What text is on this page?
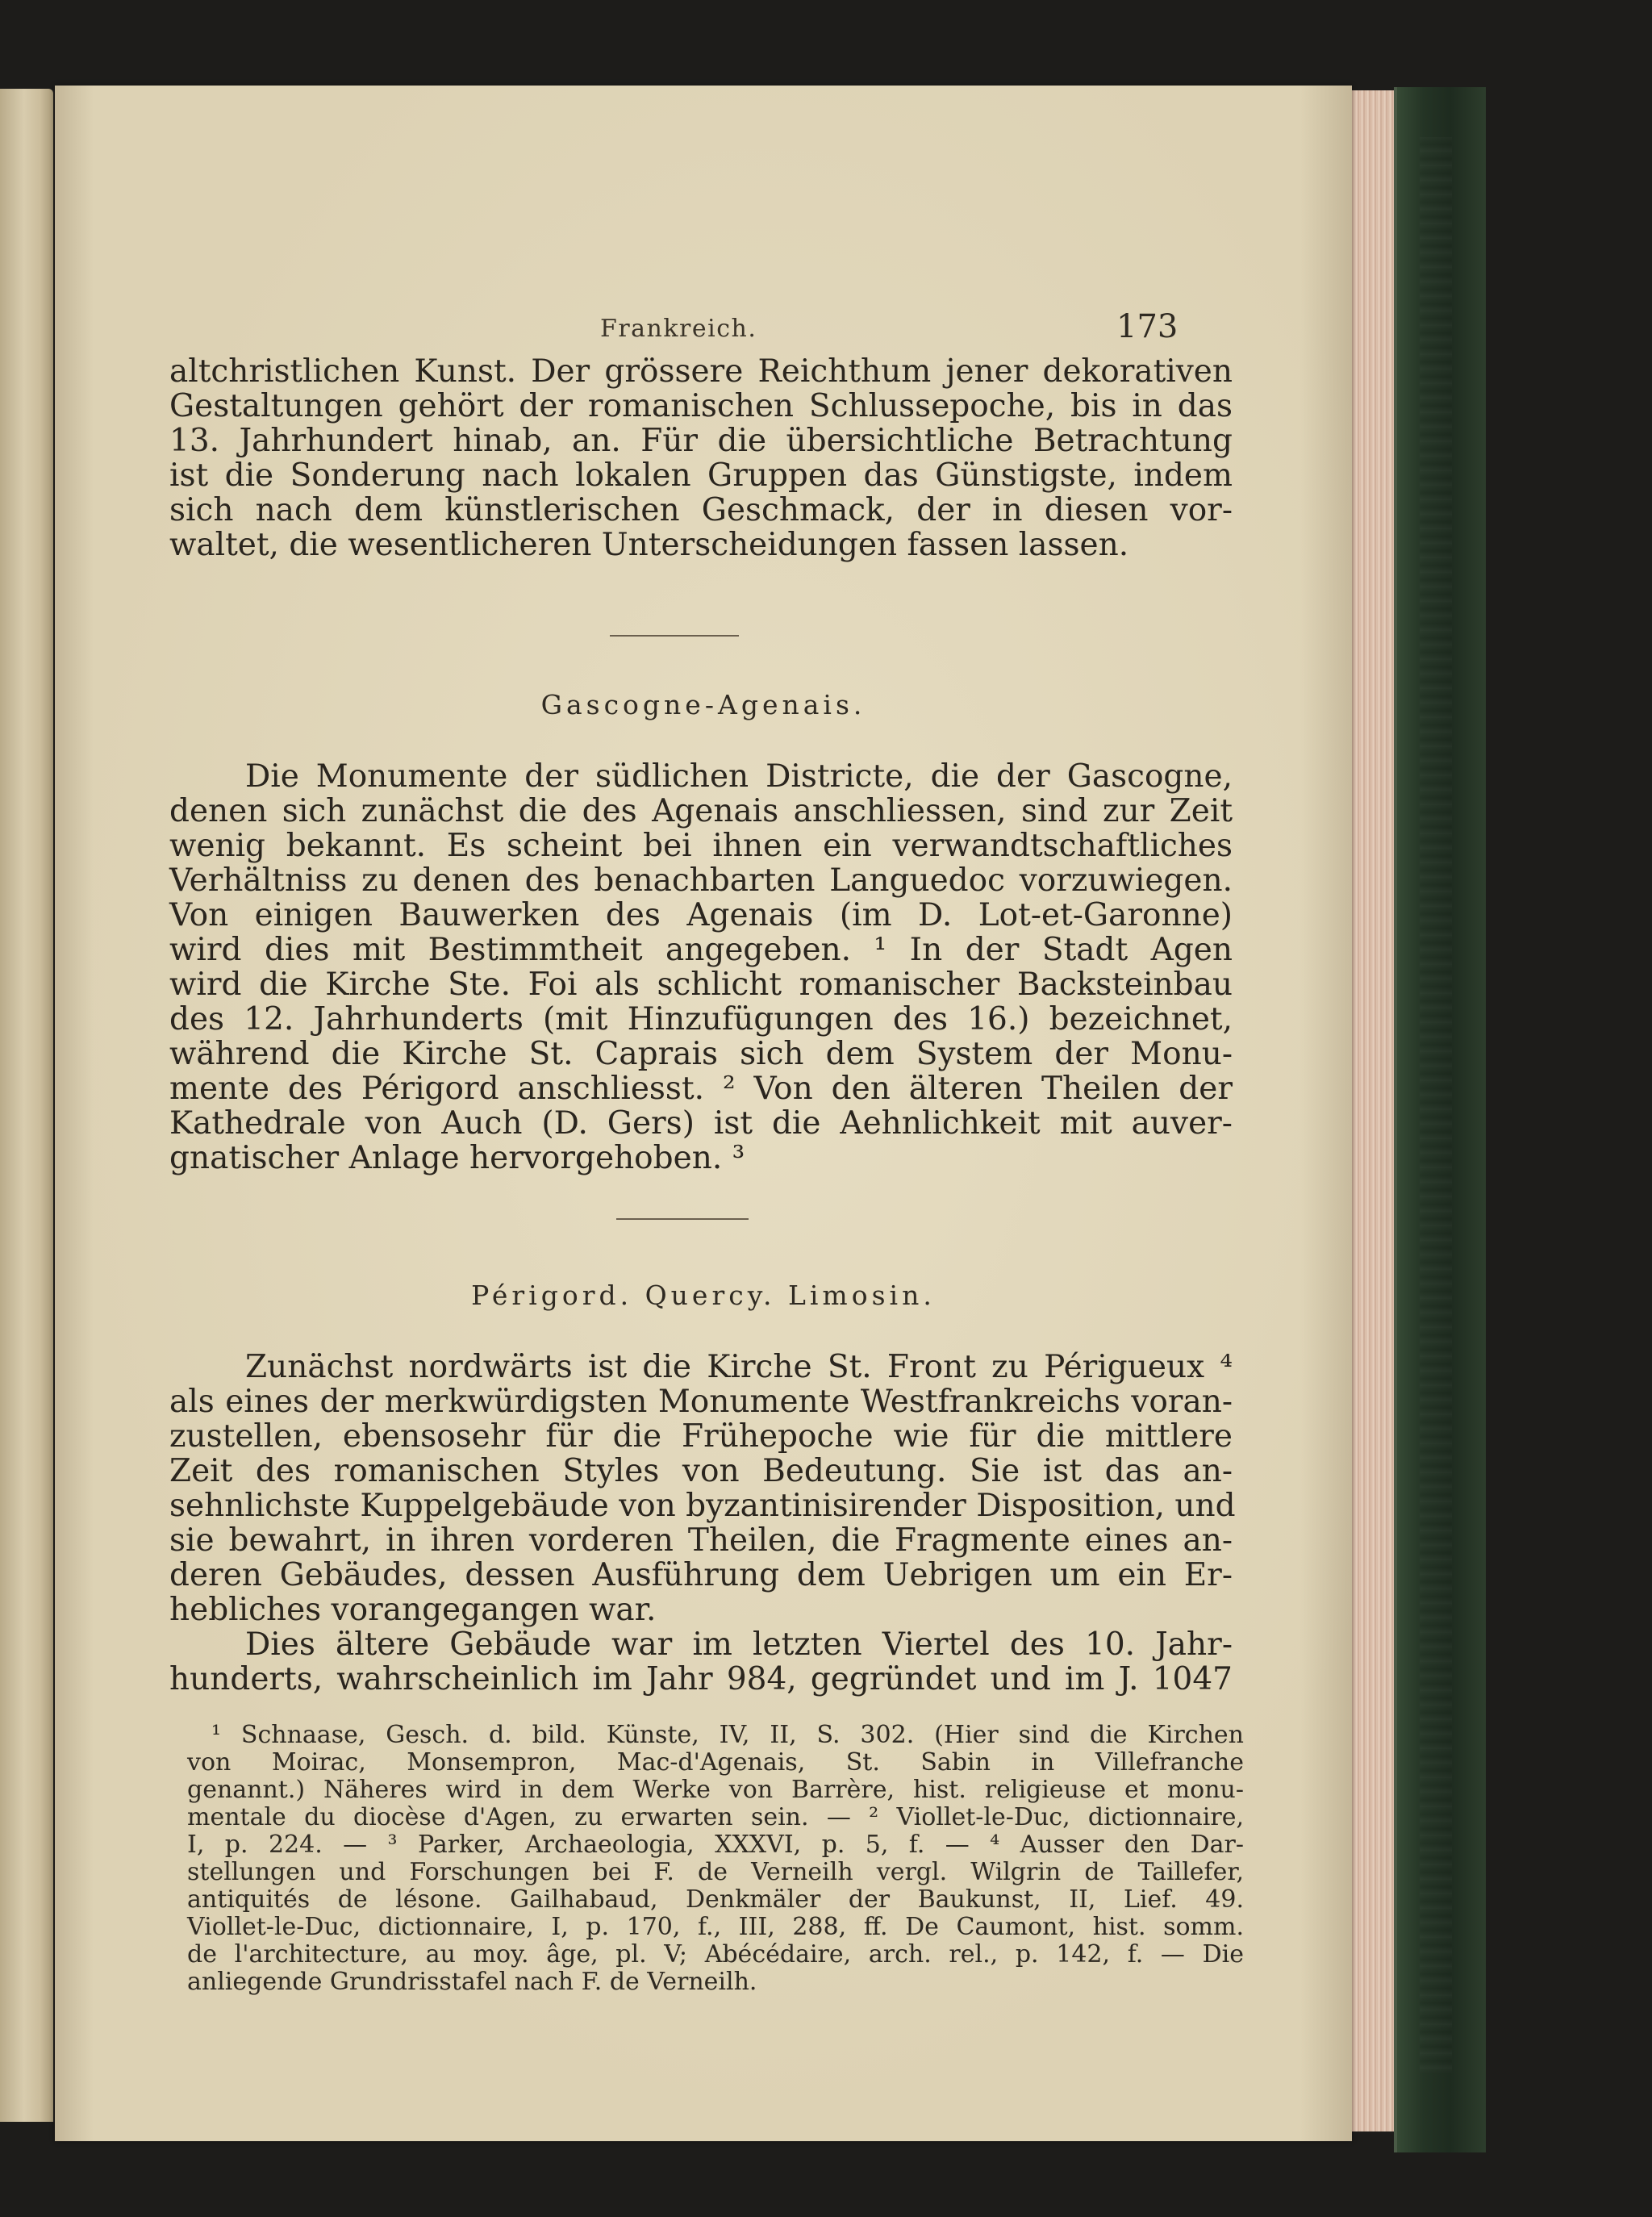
Frankreich.	173
altchristlichen Kunst. Der grössere Reichthum jener dekorativen
Gestaltungen gehört der romanischen Schlussepoche, bis in das
13. Jahrhundert hinab, an. Für die übersichtliche Betrachtung
ist die Sonderung nach lokalen Gruppen das Günstigste, indem
sich nach dem künstlerischen Geschmack, der in diesen vor-
waltet, die wesentlicheren Unterscheidungen fassen lassen.
Gascogne-Agenais.
Die Monumente der südlichen Districte, die der Gascogne,
denen sich zunächst die des Agenais anschliessen, sind zur Zeit
wenig bekannt. Es scheint bei ihnen ein verwandtschaftliches
Verhältniss zu denen des benachbarten Languedoc vorzuwiegen.
Von einigen Bauwerken des Agenais (im D. Lot-et-Garonne)
wird dies mit Bestimmtheit angegeben. ¹ In der Stadt Agen
wird die Kirche Ste. Foi als schlicht romanischer Backsteinbau
des 12. Jahrhunderts (mit Hinzufügungen des 16.) bezeichnet,
während die Kirche St. Caprais sich dem System der Monu-
mente des Périgord anschliesst. ² Von den älteren Theilen der
Kathedrale von Auch (D. Gers) ist die Aehnlichkeit mit auver-
gnatischer Anlage hervorgehoben. ³
Périgord. Quercy. Limosin.
Zunächst nordwärts ist die Kirche St. Front zu Périgueux ⁴
als eines der merkwürdigsten Monumente Westfrankreichs voran-
zustellen, ebensosehr für die Frühepoche wie für die mittlere
Zeit des romanischen Styles von Bedeutung. Sie ist das an-
sehnlichste Kuppelgebäude von byzantinisirender Disposition, und
sie bewahrt, in ihren vorderen Theilen, die Fragmente eines an-
deren Gebäudes, dessen Ausführung dem Uebrigen um ein Er-
hebliches vorangegangen war.
Dies ältere Gebäude war im letzten Viertel des 10. Jahr-
hunderts, wahrscheinlich im Jahr 984, gegründet und im J. 1047
¹ Schnaase, Gesch. d. bild. Künste, IV, II, S. 302. (Hier sind die Kirchen
von Moirac, Monsempron, Mac-d'Agenais, St. Sabin in Villefranche
genannt.) Näheres wird in dem Werke von Barrère, hist. religieuse et monu-
mentale du diocèse d'Agen, zu erwarten sein. — ² Viollet-le-Duc, dictionnaire,
I, p. 224. — ³ Parker, Archaeologia, XXXVI, p. 5, f. — ⁴ Ausser den Dar-
stellungen und Forschungen bei F. de Verneilh vergl. Wilgrin de Taillefer,
antiquités de lésone. Gailhabaud, Denkmäler der Baukunst, II, Lief. 49.
Viollet-le-Duc, dictionnaire, I, p. 170, f., III, 288, ff. De Caumont, hist. somm.
de l'architecture, au moy. âge, pl. V; Abécédaire, arch. rel., p. 142, f. — Die
anliegende Grundrisstafel nach F. de Verneilh.
